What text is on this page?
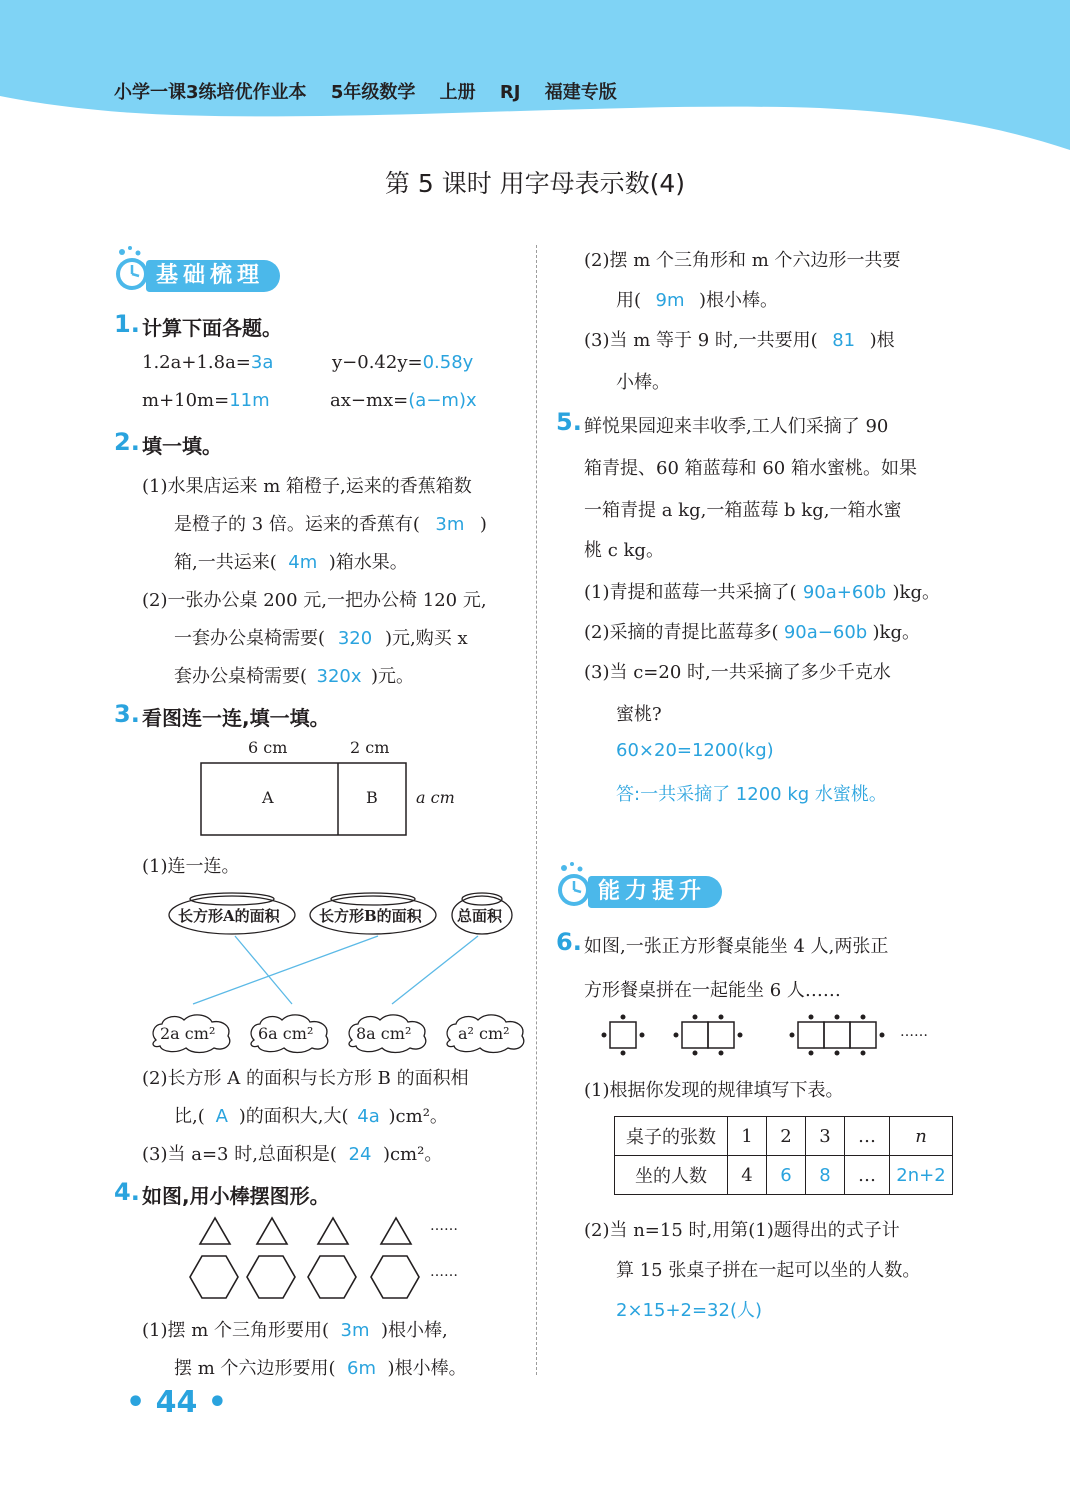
小学一课3练培优作业本 5年级数学 上册 RJ 福建专版
第 5 课时 用字母表示数(4)
基础梳理
1. 计算下面各题。
1.2a+1.8a=3a	y−0.42y=0.58y
m+10m=11m	ax−mx=(a−m)x
2. 填一填。
(1)水果店运来 m 箱橙子,运来的香蕉箱数
是橙子的 3 倍。运来的香蕉有( 3m )
箱,一共运来( 4m )箱水果。
(2)一张办公桌 200 元,一把办公椅 120 元,
一套办公桌椅需要( 320 )元,购买 x
套办公桌椅需要( 320x )元。
3. 看图连一连,填一填。
6 cm	2 cm
A	B a cm
(1)连一连。
长方形A的面积	长方形B的面积 总面积
2a cm²	6a cm²	8a cm²	a² cm²
(2)长方形 A 的面积与长方形 B 的面积相
比,( A )的面积大,大( 4a )cm²。
(3)当 a=3 时,总面积是( 24 )cm²。
4. 如图,用小棒摆图形。
……
……
(1)摆 m 个三角形要用( 3m )根小棒,
摆 m 个六边形要用( 6m )根小棒。
• 44 •
(2)摆 m 个三角形和 m 个六边形一共要
用( 9m )根小棒。
(3)当 m 等于 9 时,一共要用( 81 )根
小棒。
5. 鲜悦果园迎来丰收季,工人们采摘了 90
箱青提、60 箱蓝莓和 60 箱水蜜桃。如果
一箱青提 a kg,一箱蓝莓 b kg,一箱水蜜
桃 c kg。
(1)青提和蓝莓一共采摘了( 90a+60b )kg。
(2)采摘的青提比蓝莓多( 90a−60b )kg。
(3)当 c=20 时,一共采摘了多少千克水
蜜桃?
60×20=1200(kg)
答:一共采摘了 1200 kg 水蜜桃。
能力提升
6. 如图,一张正方形餐桌能坐 4 人,两张正
方形餐桌拼在一起能坐 6 人……
……
(1)根据你发现的规律填写下表。
桌子的张数	1	2	3	…	n
坐的人数	4	6	8	…	2n+2
(2)当 n=15 时,用第(1)题得出的式子计
算 15 张桌子拼在一起可以坐的人数。
2×15+2=32(人)
